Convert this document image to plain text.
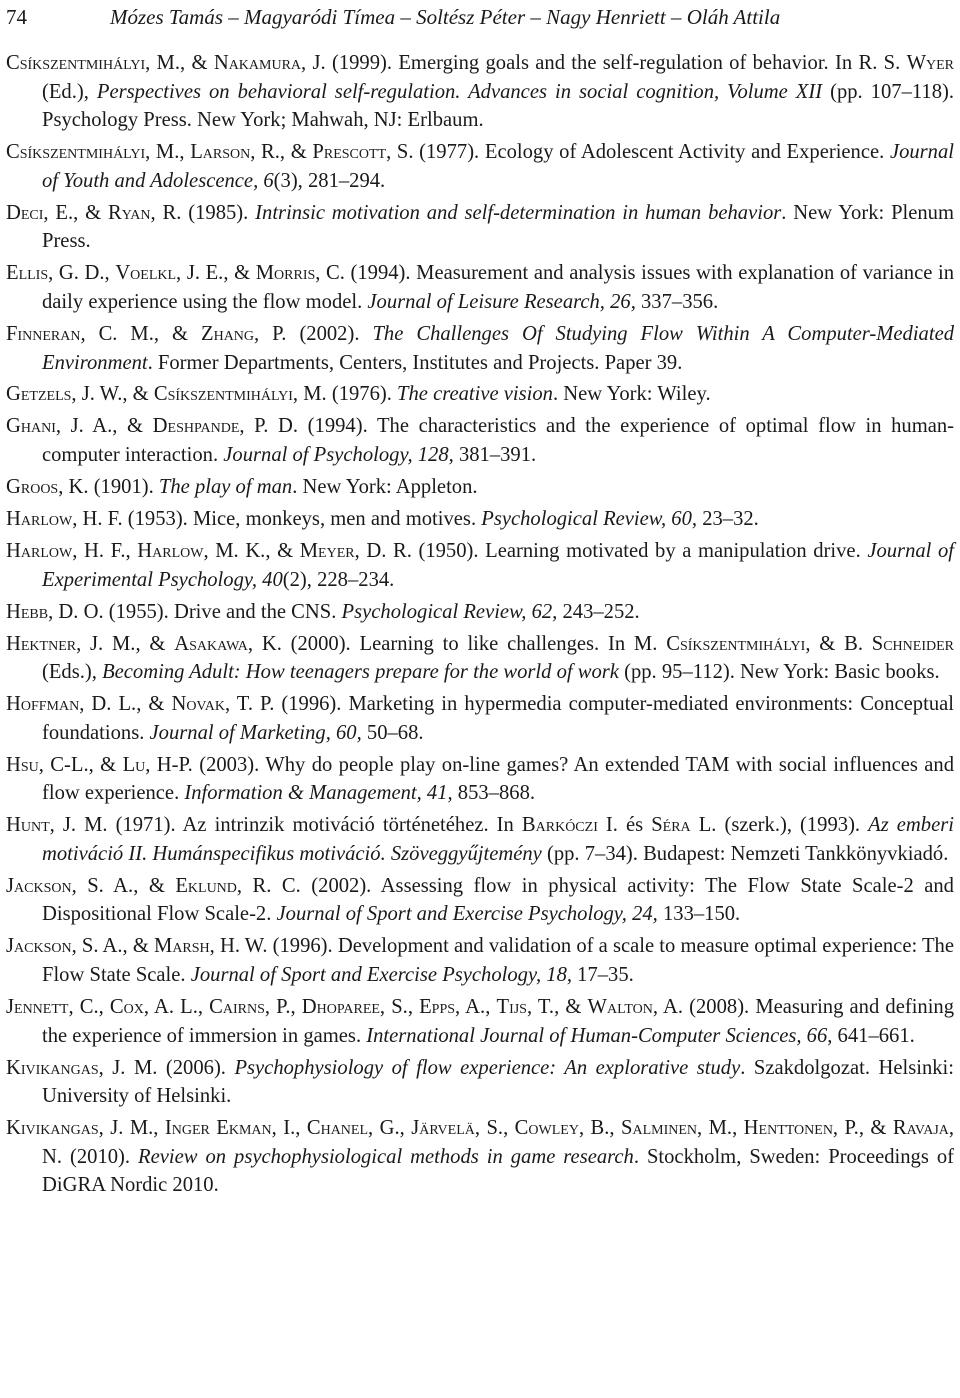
74	Mózes Tamás – Magyaródi Tímea – Soltész Péter – Nagy Henriett – Oláh Attila

Csíkszentmihályi, M., & Nakamura, J. (1999). Emerging goals and the self-regulation of behavior. In R. S. Wyer (Ed.), Perspectives on behavioral self-regulation. Advances in social cognition, Volume XII (pp. 107–118). Psychology Press. New York; Mahwah, NJ: Erlbaum.

Csíkszentmihályi, M., Larson, R., & Prescott, S. (1977). Ecology of Adolescent Activity and Experience. Journal of Youth and Adolescence, 6(3), 281–294.

Deci, E., & Ryan, R. (1985). Intrinsic motivation and self-determination in human behavior. New York: Plenum Press.

Ellis, G. D., Voelkl, J. E., & Morris, C. (1994). Measurement and analysis issues with explanation of variance in daily experience using the flow model. Journal of Leisure Research, 26, 337–356.

Finneran, C. M., & Zhang, P. (2002). The Challenges Of Studying Flow Within A Computer-Mediated Environment. Former Departments, Centers, Institutes and Projects. Paper 39.

Getzels, J. W., & Csíkszentmihályi, M. (1976). The creative vision. New York: Wiley.

Ghani, J. A., & Deshpande, P. D. (1994). The characteristics and the experience of optimal flow in human-computer interaction. Journal of Psychology, 128, 381–391.

Groos, K. (1901). The play of man. New York: Appleton.

Harlow, H. F. (1953). Mice, monkeys, men and motives. Psychological Review, 60, 23–32.

Harlow, H. F., Harlow, M. K., & Meyer, D. R. (1950). Learning motivated by a manipulation drive. Journal of Experimental Psychology, 40(2), 228–234.

Hebb, D. O. (1955). Drive and the CNS. Psychological Review, 62, 243–252.

Hektner, J. M., & Asakawa, K. (2000). Learning to like challenges. In M. Csíkszentmihályi, & B. Schneider (Eds.), Becoming Adult: How teenagers prepare for the world of work (pp. 95–112). New York: Basic books.

Hoffman, D. L., & Novak, T. P. (1996). Marketing in hypermedia computer-mediated environments: Conceptual foundations. Journal of Marketing, 60, 50–68.

Hsu, C-L., & Lu, H-P. (2003). Why do people play on-line games? An extended TAM with social influences and flow experience. Information & Management, 41, 853–868.

Hunt, J. M. (1971). Az intrinzik motiváció történetéhez. In Barkóczi I. és Séra L. (szerk.), (1993). Az emberi motiváció II. Humánspecifikus motiváció. Szöveggyűjtemény (pp. 7–34). Budapest: Nemzeti Tankkönyvkiadó.

Jackson, S. A., & Eklund, R. C. (2002). Assessing flow in physical activity: The Flow State Scale-2 and Dispositional Flow Scale-2. Journal of Sport and Exercise Psychology, 24, 133–150.

Jackson, S. A., & Marsh, H. W. (1996). Development and validation of a scale to measure optimal experience: The Flow State Scale. Journal of Sport and Exercise Psychology, 18, 17–35.

Jennett, C., Cox, A. L., Cairns, P., Dhoparee, S., Epps, A., Tijs, T., & Walton, A. (2008). Measuring and defining the experience of immersion in games. International Journal of Human-Computer Sciences, 66, 641–661.

Kivikangas, J. M. (2006). Psychophysiology of flow experience: An explorative study. Szakdolgozat. Helsinki: University of Helsinki.

Kivikangas, J. M., Inger Ekman, I., Chanel, G., Järvelä, S., Cowley, B., Salminen, M., Henttonen, P., & Ravaja, N. (2010). Review on psychophysiological methods in game research. Stockholm, Sweden: Proceedings of DiGRA Nordic 2010.
